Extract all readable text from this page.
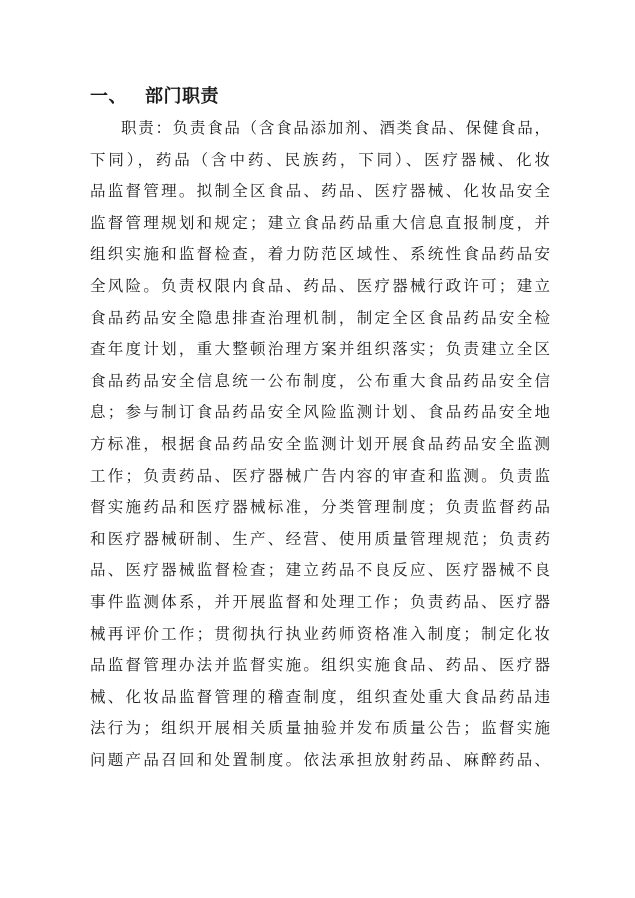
一、 部门职责
职责：负责食品（含食品添加剂、酒类食品、保健食品，
下同），药品（含中药、民族药，下同）、医疗器械、化妆
品监督管理。拟制全区食品、药品、医疗器械、化妆品安全
监督管理规划和规定；建立食品药品重大信息直报制度，并
组织实施和监督检查，着力防范区域性、系统性食品药品安
全风险。负责权限内食品、药品、医疗器械行政许可；建立
食品药品安全隐患排查治理机制，制定全区食品药品安全检
查年度计划，重大整顿治理方案并组织落实；负责建立全区
食品药品安全信息统一公布制度，公布重大食品药品安全信
息；参与制订食品药品安全风险监测计划、食品药品安全地
方标准，根据食品药品安全监测计划开展食品药品安全监测
工作；负责药品、医疗器械广告内容的审查和监测。负责监
督实施药品和医疗器械标准，分类管理制度；负责监督药品
和医疗器械研制、生产、经营、使用质量管理规范；负责药
品、医疗器械监督检查；建立药品不良反应、医疗器械不良
事件监测体系，并开展监督和处理工作；负责药品、医疗器
械再评价工作；贯彻执行执业药师资格准入制度；制定化妆
品监督管理办法并监督实施。组织实施食品、药品、医疗器
械、化妆品监督管理的稽查制度，组织查处重大食品药品违
法行为；组织开展相关质量抽验并发布质量公告；监督实施
问题产品召回和处置制度。依法承担放射药品、麻醉药品、
